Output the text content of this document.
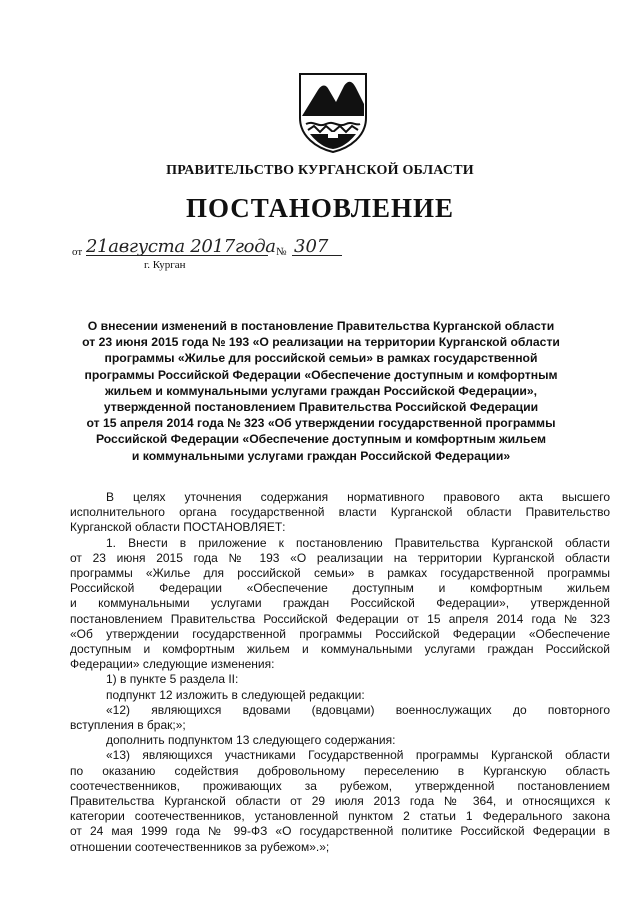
ПРАВИТЕЛЬСТВО КУРГАНСКОЙ ОБЛАСТИ
ПОСТАНОВЛЕНИЕ
от 21августа 2017года № 307
г. Курган
О внесении изменений в постановление Правительства Курганской области
от 23 июня 2015 года № 193 «О реализации на территории Курганской области
программы «Жилье для российской семьи» в рамках государственной
программы Российской Федерации «Обеспечение доступным и комфортным
жильем и коммунальными услугами граждан Российской Федерации»,
утвержденной постановлением Правительства Российской Федерации
от 15 апреля 2014 года № 323 «Об утверждении государственной программы
Российской Федерации «Обеспечение доступным и комфортным жильем
и коммунальными услугами граждан Российской Федерации»
В целях уточнения содержания нормативного правового акта высшего
исполнительного органа государственной власти Курганской области Правительство
Курганской области ПОСТАНОВЛЯЕТ:
1. Внести в приложение к постановлению Правительства Курганской области
от 23 июня 2015 года № 193 «О реализации на территории Курганской области
программы «Жилье для российской семьи» в рамках государственной программы
Российской Федерации «Обеспечение доступным и комфортным жильем
и коммунальными услугами граждан Российской Федерации», утвержденной
постановлением Правительства Российской Федерации от 15 апреля 2014 года № 323
«Об утверждении государственной программы Российской Федерации «Обеспечение
доступным и комфортным жильем и коммунальными услугами граждан Российской
Федерации» следующие изменения:
1) в пункте 5 раздела II:
подпункт 12 изложить в следующей редакции:
«12) являющихся вдовами (вдовцами) военнослужащих до повторного
вступления в брак;»;
дополнить подпунктом 13 следующего содержания:
«13) являющихся участниками Государственной программы Курганской области
по оказанию содействия добровольному переселению в Курганскую область
соотечественников, проживающих за рубежом, утвержденной постановлением
Правительства Курганской области от 29 июля 2013 года № 364, и относящихся к
категории соотечественников, установленной пунктом 2 статьи 1 Федерального закона
от 24 мая 1999 года № 99-ФЗ «О государственной политике Российской Федерации в
отношении соотечественников за рубежом».»;
